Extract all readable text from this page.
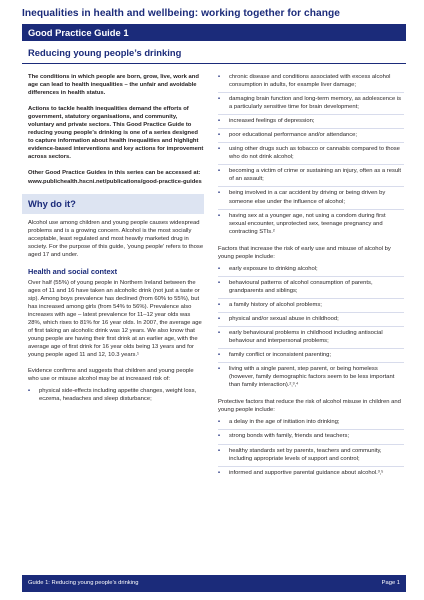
Inequalities in health and wellbeing: working together for change
Good Practice Guide 1
Reducing young people’s drinking

The conditions in which people are born, grow, live, work and age can lead to health inequalities – the unfair and avoidable differences in health status.

Actions to tackle health inequalities demand the efforts of government, statutory organisations, and community, voluntary and private sectors. This Good Practice Guide to reducing young people’s drinking is one of a series designed to capture information about health inequalities and highlight evidence-based interventions and key actions for improvement across sectors.

Other Good Practice Guides in this series can be accessed at: www.publichealth.hscni.net/publications/good-practice-guides

Why do it?

Alcohol use among children and young people causes widespread problems and is a growing concern. Alcohol is the most socially acceptable, least regulated and most heavily marketed drug in society. For the purpose of this guide, ‘young people’ refers to those aged 17 and under.

Health and social context

Over half (55%) of young people in Northern Ireland between the ages of 11 and 16 have taken an alcoholic drink (not just a taste or sip). Among boys prevalence has declined (from 60% to 55%), but has increased among girls (from 54% to 56%). Prevalence also increases with age – latest prevalence for 11–12 year olds was 28%, which rises to 81% for 16 year olds. In 2007, the average age of first taking an alcoholic drink was 12 years. We also know that young people are having their first drink at an earlier age, with the average age of first drink for 16 year olds being 13 years and for young people aged 11 and 12, 10.3 years.¹

Evidence confirms and suggests that children and young people who use or misuse alcohol may be at increased risk of:

• physical side-effects including appetite changes, weight loss, eczema, headaches and sleep disturbance;
• chronic disease and conditions associated with excess alcohol consumption in adults, for example liver damage;
• damaging brain function and long-term memory, as adolescence is a particularly sensitive time for brain development;
• increased feelings of depression;
• poor educational performance and/or attendance;
• using other drugs such as tobacco or cannabis compared to those who do not drink alcohol;
• becoming a victim of crime or sustaining an injury, often as a result of an assault;
• being involved in a car accident by driving or being driven by someone else under the influence of alcohol;
• having sex at a younger age, not using a condom during first sexual encounter, unprotected sex, teenage pregnancy and contracting STIs.²

Factors that increase the risk of early use and misuse of alcohol by young people include:

• early exposure to drinking alcohol;
• behavioural patterns of alcohol consumption of parents, grandparents and siblings;
• a family history of alcohol problems;
• physical and/or sexual abuse in childhood;
• early behavioural problems in childhood including antisocial behaviour and interpersonal problems;
• family conflict or inconsistent parenting;
• living with a single parent, step parent, or being homeless (however, family demographic factors seem to be less important than family interaction).²‚³‚⁴

Protective factors that reduce the risk of alcohol misuse in children and young people include:

• a delay in the age of initiation into drinking;
• strong bonds with family, friends and teachers;
• healthy standards set by parents, teachers and community, including appropriate levels of support and control;
• informed and supportive parental guidance about alcohol.³‚⁵
Guide 1: Reducing young people’s drinking	Page 1
